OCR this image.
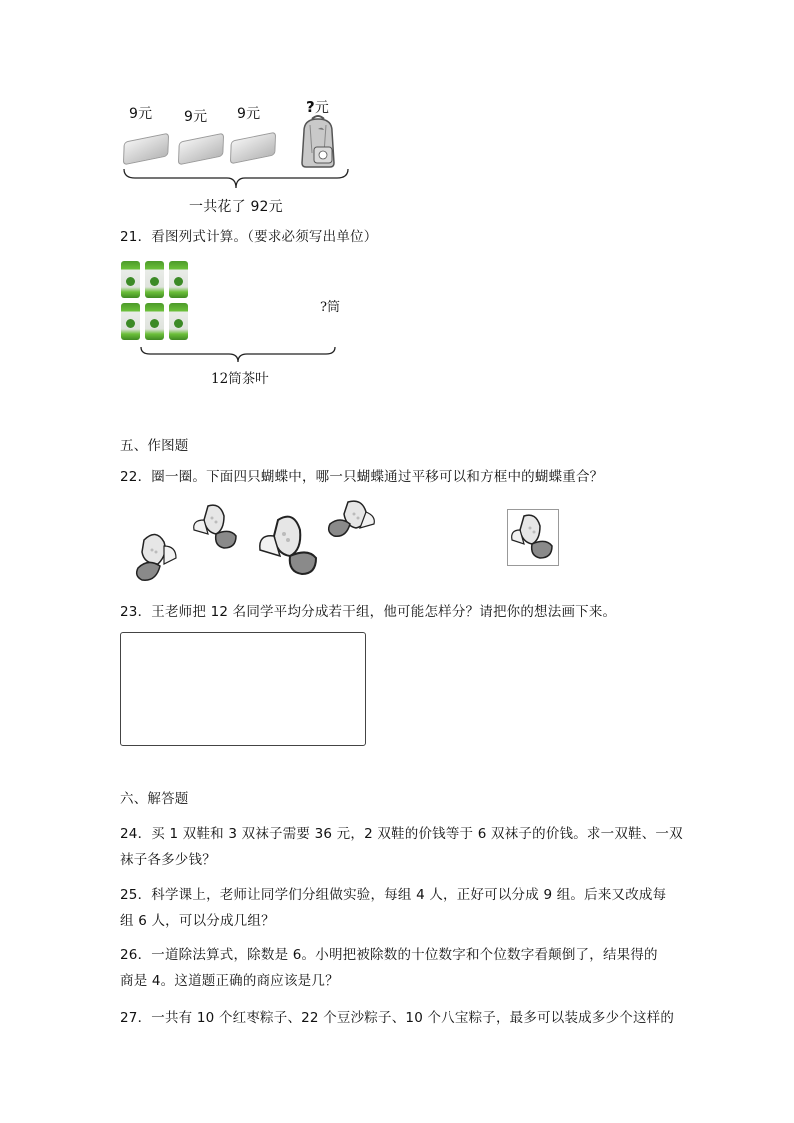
9元 9元 9元	?元
一共花了 92元
21．看图列式计算。（要求必须写出单位）
?筒
12筒茶叶
五、作图题
22．圈一圈。下面四只蝴蝶中，哪一只蝴蝶通过平移可以和方框中的蝴蝶重合？
23．王老师把 12 名同学平均分成若干组，他可能怎样分？请把你的想法画下来。
六、解答题
24．买 1 双鞋和 3 双袜子需要 36 元，2 双鞋的价钱等于 6 双袜子的价钱。求一双鞋、一双
袜子各多少钱？
25．科学课上，老师让同学们分组做实验，每组 4 人，正好可以分成 9 组。后来又改成每
组 6 人，可以分成几组？
26．一道除法算式，除数是 6。小明把被除数的十位数字和个位数字看颠倒了，结果得的
商是 4。这道题正确的商应该是几？
27．一共有 10 个红枣粽子、22 个豆沙粽子、10 个八宝粽子，最多可以装成多少个这样的
